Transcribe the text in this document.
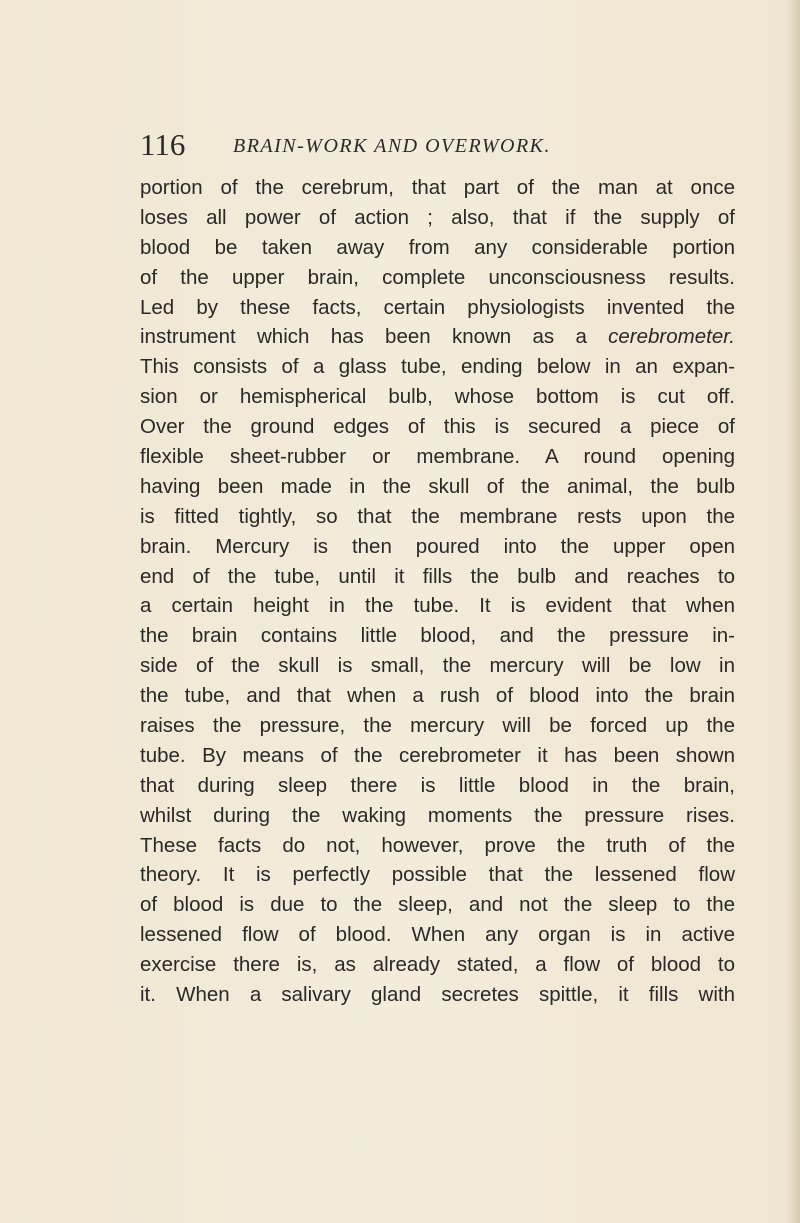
116 BRAIN-WORK AND OVERWORK.
portion of the cerebrum, that part of the man at once
loses all power of action ; also, that if the supply of
blood be taken away from any considerable portion
of the upper brain, complete unconsciousness results.
Led by these facts, certain physiologists invented the
instrument which has been known as a cerebrometer.
This consists of a glass tube, ending below in an expan-
sion or hemispherical bulb, whose bottom is cut off.
Over the ground edges of this is secured a piece of
flexible sheet-rubber or membrane. A round opening
having been made in the skull of the animal, the bulb
is fitted tightly, so that the membrane rests upon the
brain. Mercury is then poured into the upper open
end of the tube, until it fills the bulb and reaches to
a certain height in the tube. It is evident that when
the brain contains little blood, and the pressure in-
side of the skull is small, the mercury will be low in
the tube, and that when a rush of blood into the brain
raises the pressure, the mercury will be forced up the
tube. By means of the cerebrometer it has been shown
that during sleep there is little blood in the brain,
whilst during the waking moments the pressure rises.
These facts do not, however, prove the truth of the
theory. It is perfectly possible that the lessened flow
of blood is due to the sleep, and not the sleep to the
lessened flow of blood. When any organ is in active
exercise there is, as already stated, a flow of blood to
it. When a salivary gland secretes spittle, it fills with
